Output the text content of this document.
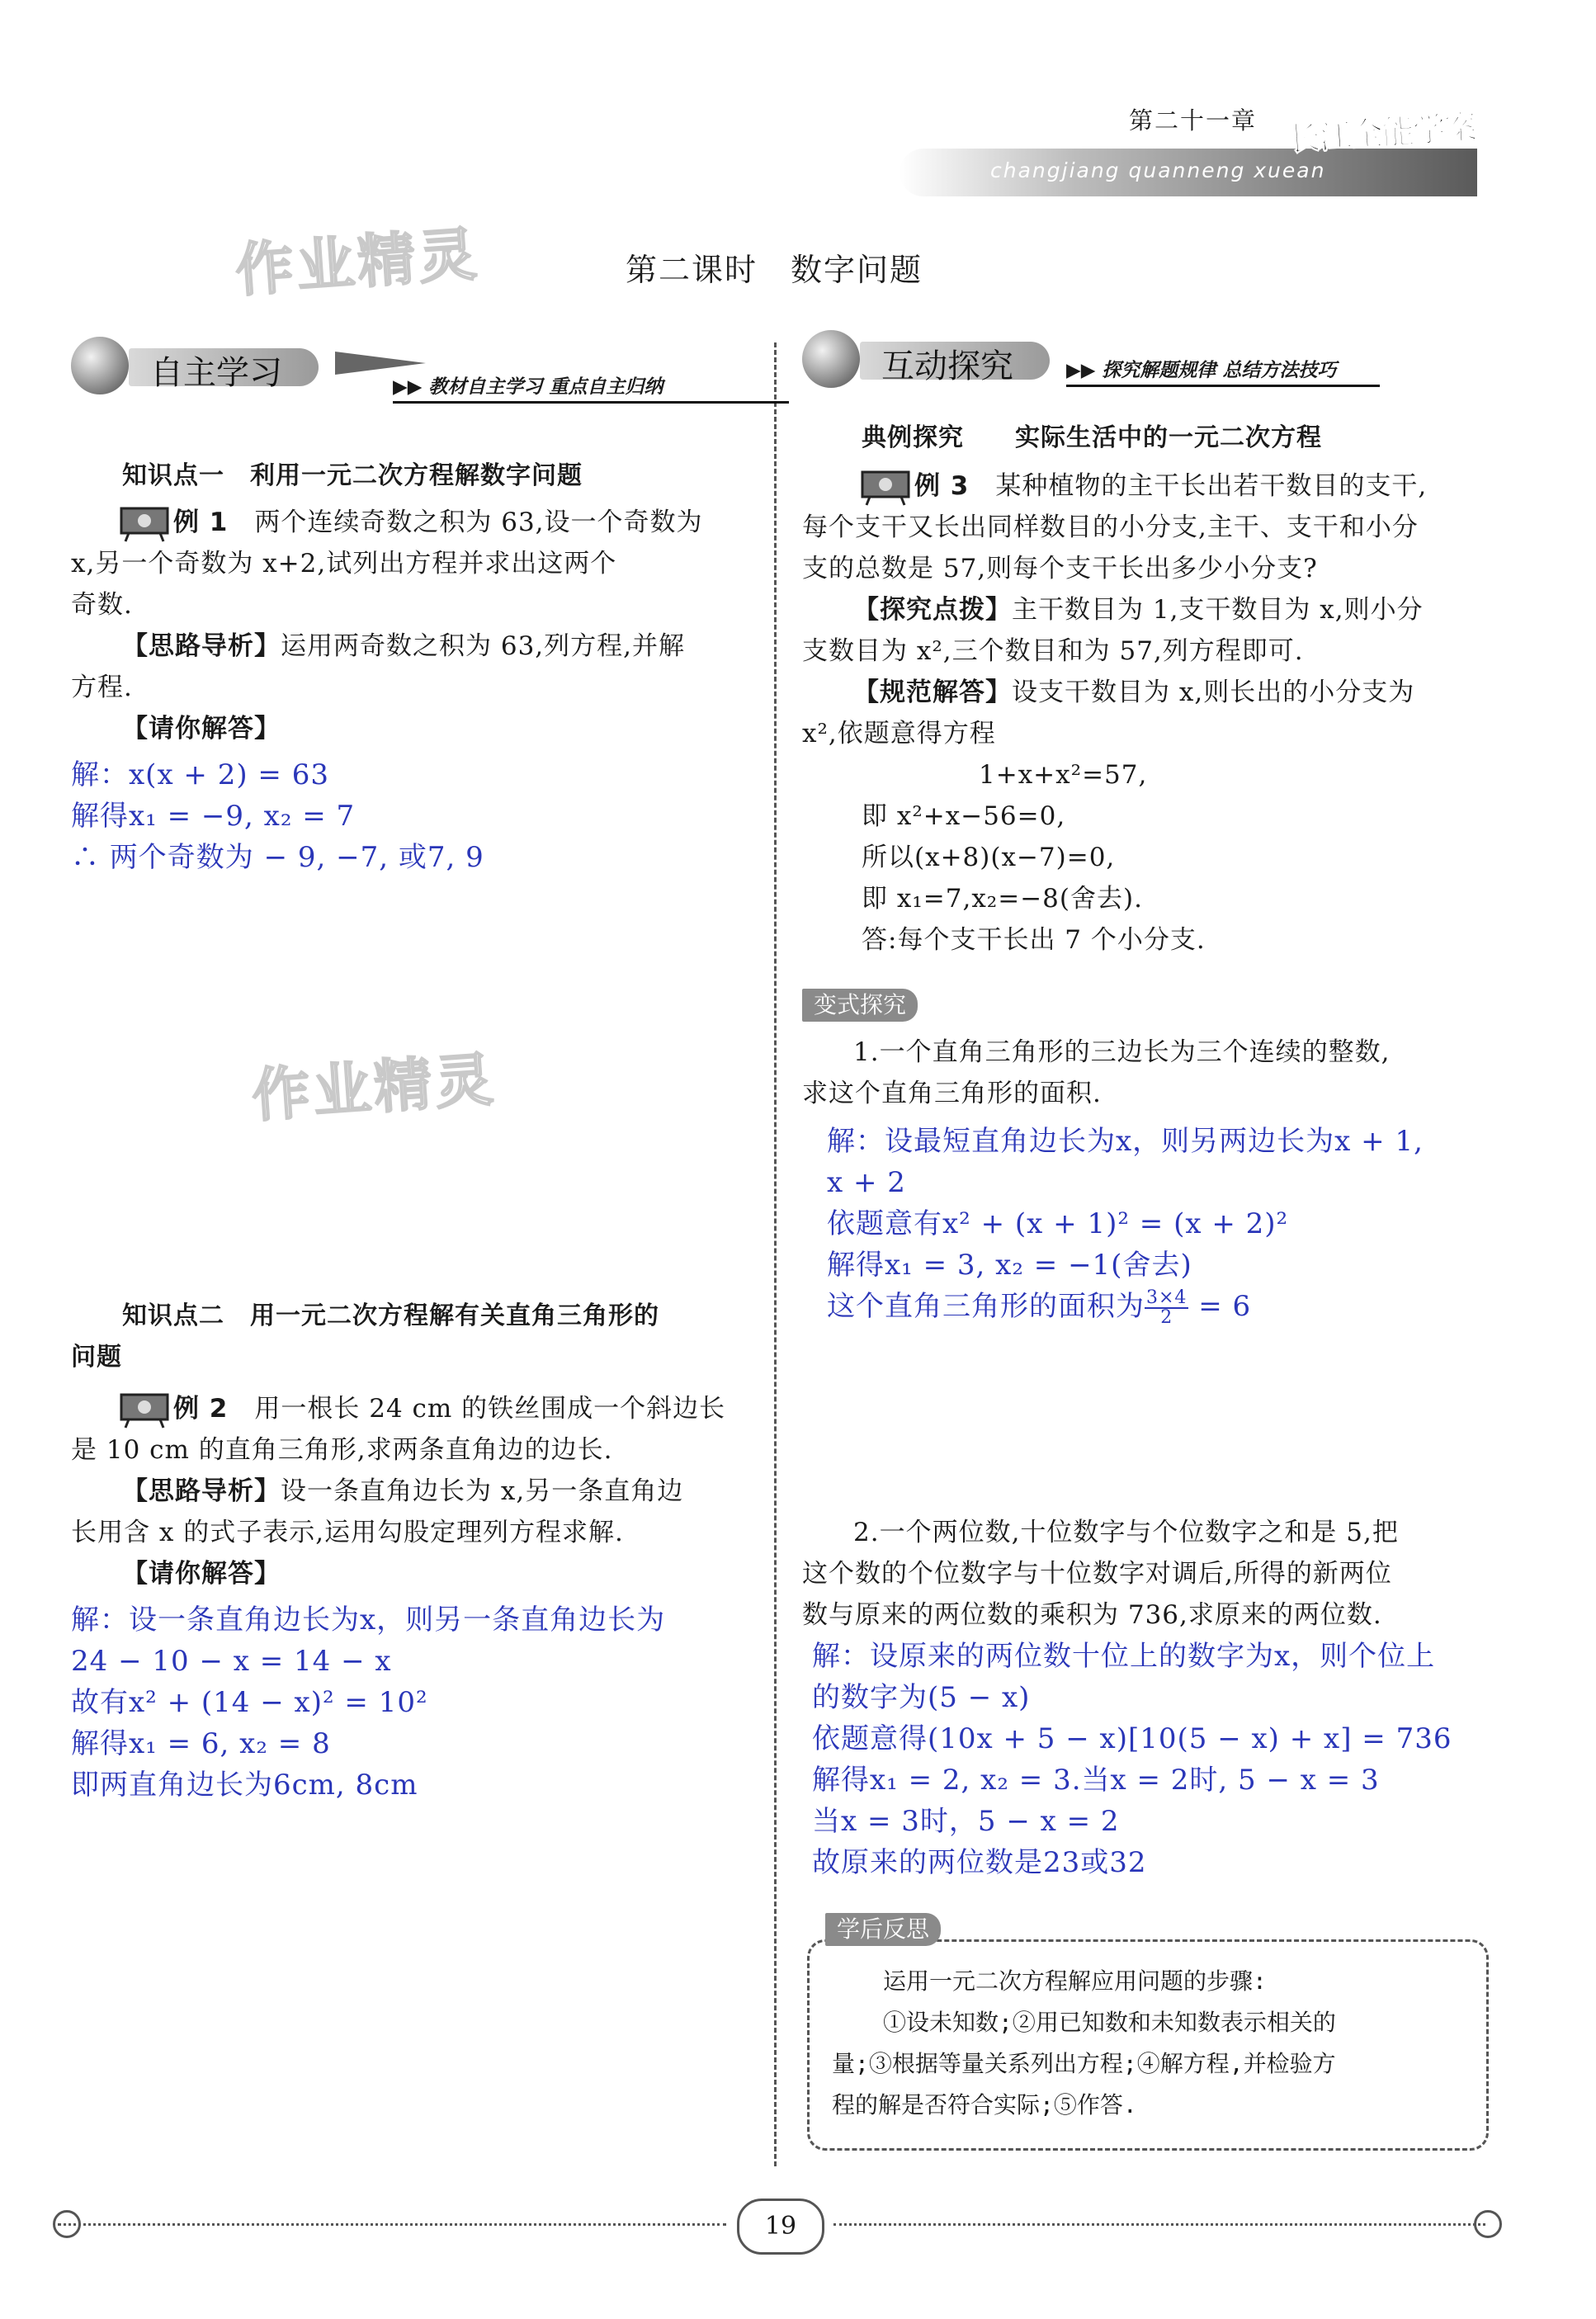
第二十一章
changjiang quanneng xuean
长江全能学案
作业精灵
作业精灵
第二课时　数字问题
自主学习	▶▶ 教材自主学习 重点自主归纳
知识点一　利用一元二次方程解数字问题
例 1　 两个连续奇数之积为 63,设一个奇数为
x,另一个奇数为 x+2,试列出方程并求出这两个
奇数.
【思路导析】运用两奇数之积为 63,列方程,并解
方程.
【请你解答】
解：x(x + 2) = 63
解得x₁ = −9, x₂ = 7
∴ 两个奇数为 − 9, −7, 或7, 9
知识点二　用一元二次方程解有关直角三角形的
问题
例 2　 用一根长 24 cm 的铁丝围成一个斜边长
是 10 cm 的直角三角形,求两条直角边的边长.
【思路导析】设一条直角边长为 x,另一条直角边
长用含 x 的式子表示,运用勾股定理列方程求解.
【请你解答】
解：设一条直角边长为x，则另一条直角边长为
24 − 10 − x = 14 − x
故有x² + (14 − x)² = 10²
解得x₁ = 6, x₂ = 8
即两直角边长为6cm, 8cm
互动探究	▶▶ 探究解题规律 总结方法技巧
典例探究　　实际生活中的一元二次方程
例 3　 某种植物的主干长出若干数目的支干,
每个支干又长出同样数目的小分支,主干、支干和小分
支的总数是 57,则每个支干长出多少小分支?
【探究点拨】主干数目为 1,支干数目为 x,则小分
支数目为 x²,三个数目和为 57,列方程即可.
【规范解答】设支干数目为 x,则长出的小分支为
x²,依题意得方程
1+x+x²=57,
即 x²+x−56=0,
所以(x+8)(x−7)=0,
即 x₁=7,x₂=−8(舍去).
答:每个支干长出 7 个小分支.
变式探究
1.一个直角三角形的三边长为三个连续的整数,
求这个直角三角形的面积.
解：设最短直角边长为x，则另两边长为x + 1,
x + 2
依题意有x² + (x + 1)² = (x + 2)²
解得x₁ = 3, x₂ = −1(舍去)
这个直角三角形的面积为 $\frac{3\times 4}{2} = 6$
2.一个两位数,十位数字与个位数字之和是 5,把
这个数的个位数字与十位数字对调后,所得的新两位
数与原来的两位数的乘积为 736,求原来的两位数.
解：设原来的两位数十位上的数字为x，则个位上
的数字为(5 − x)
依题意得(10x + 5 − x)[10(5 − x) + x] = 736
解得x₁ = 2, x₂ = 3.当x = 2时, 5 − x = 3
当x = 3时，5 − x = 2
故原来的两位数是23或32
学后反思
运用一元二次方程解应用问题的步骤:
①设未知数;②用已知数和未知数表示相关的
量;③根据等量关系列出方程;④解方程,并检验方
程的解是否符合实际;⑤作答.
19
